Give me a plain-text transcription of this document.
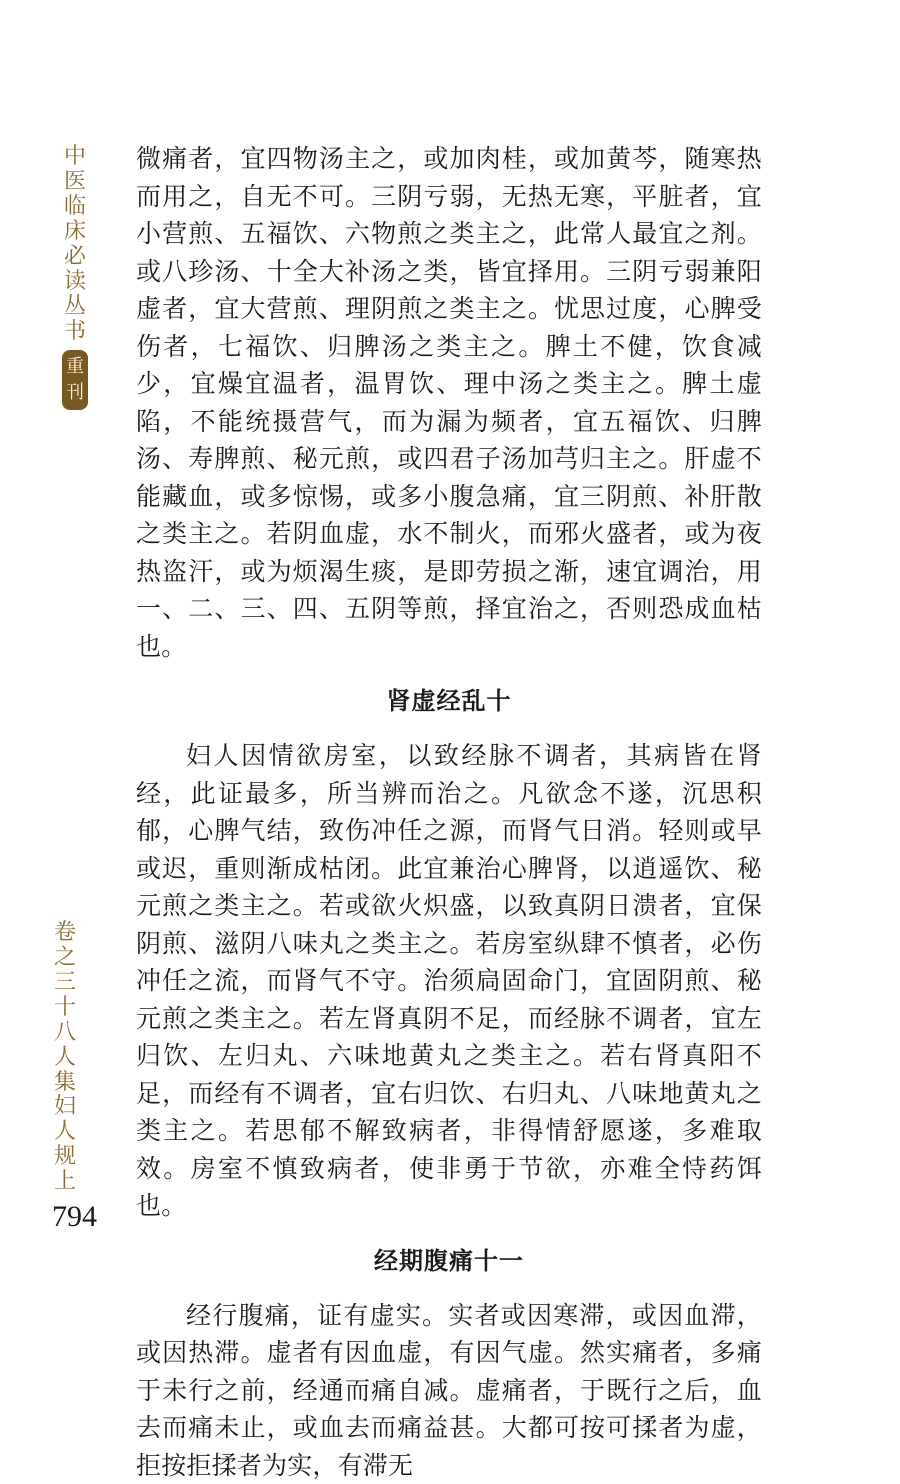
中
医
临
床
必
读
丛
书
重
刊
卷
之
三
十
八
人
集
妇
人
规
上
794

微痛者，宜四物汤主之，或加肉桂，或加黄芩，随寒热而用之，自无不可。三阴亏弱，无热无寒，平脏者，宜小营煎、五福饮、六物煎之类主之，此常人最宜之剂。或八珍汤、十全大补汤之类，皆宜择用。三阴亏弱兼阳虚者，宜大营煎、理阴煎之类主之。忧思过度，心脾受伤者，七福饮、归脾汤之类主之。脾土不健，饮食减少，宜燥宜温者，温胃饮、理中汤之类主之。脾土虚陷，不能统摄营气，而为漏为频者，宜五福饮、归脾汤、寿脾煎、秘元煎，或四君子汤加芎归主之。肝虚不能藏血，或多惊惕，或多小腹急痛，宜三阴煎、补肝散之类主之。若阴血虚，水不制火，而邪火盛者，或为夜热盗汗，或为烦渴生痰，是即劳损之渐，速宜调治，用一、二、三、四、五阴等煎，择宜治之，否则恐成血枯也。

肾虚经乱十

妇人因情欲房室，以致经脉不调者，其病皆在肾经，此证最多，所当辨而治之。凡欲念不遂，沉思积郁，心脾气结，致伤冲任之源，而肾气日消。轻则或早或迟，重则渐成枯闭。此宜兼治心脾肾，以逍遥饮、秘元煎之类主之。若或欲火炽盛，以致真阴日溃者，宜保阴煎、滋阴八味丸之类主之。若房室纵肆不慎者，必伤冲任之流，而肾气不守。治须扃固命门，宜固阴煎、秘元煎之类主之。若左肾真阴不足，而经脉不调者，宜左归饮、左归丸、六味地黄丸之类主之。若右肾真阳不足，而经有不调者，宜右归饮、右归丸、八味地黄丸之类主之。若思郁不解致病者，非得情舒愿遂，多难取效。房室不慎致病者，使非勇于节欲，亦难全恃药饵也。

经期腹痛十一

经行腹痛，证有虚实。实者或因寒滞，或因血滞，或因热滞。虚者有因血虚，有因气虚。然实痛者，多痛于未行之前，经通而痛自减。虚痛者，于既行之后，血去而痛未止，或血去而痛益甚。大都可按可揉者为虚，拒按拒揉者为实，有滞无
